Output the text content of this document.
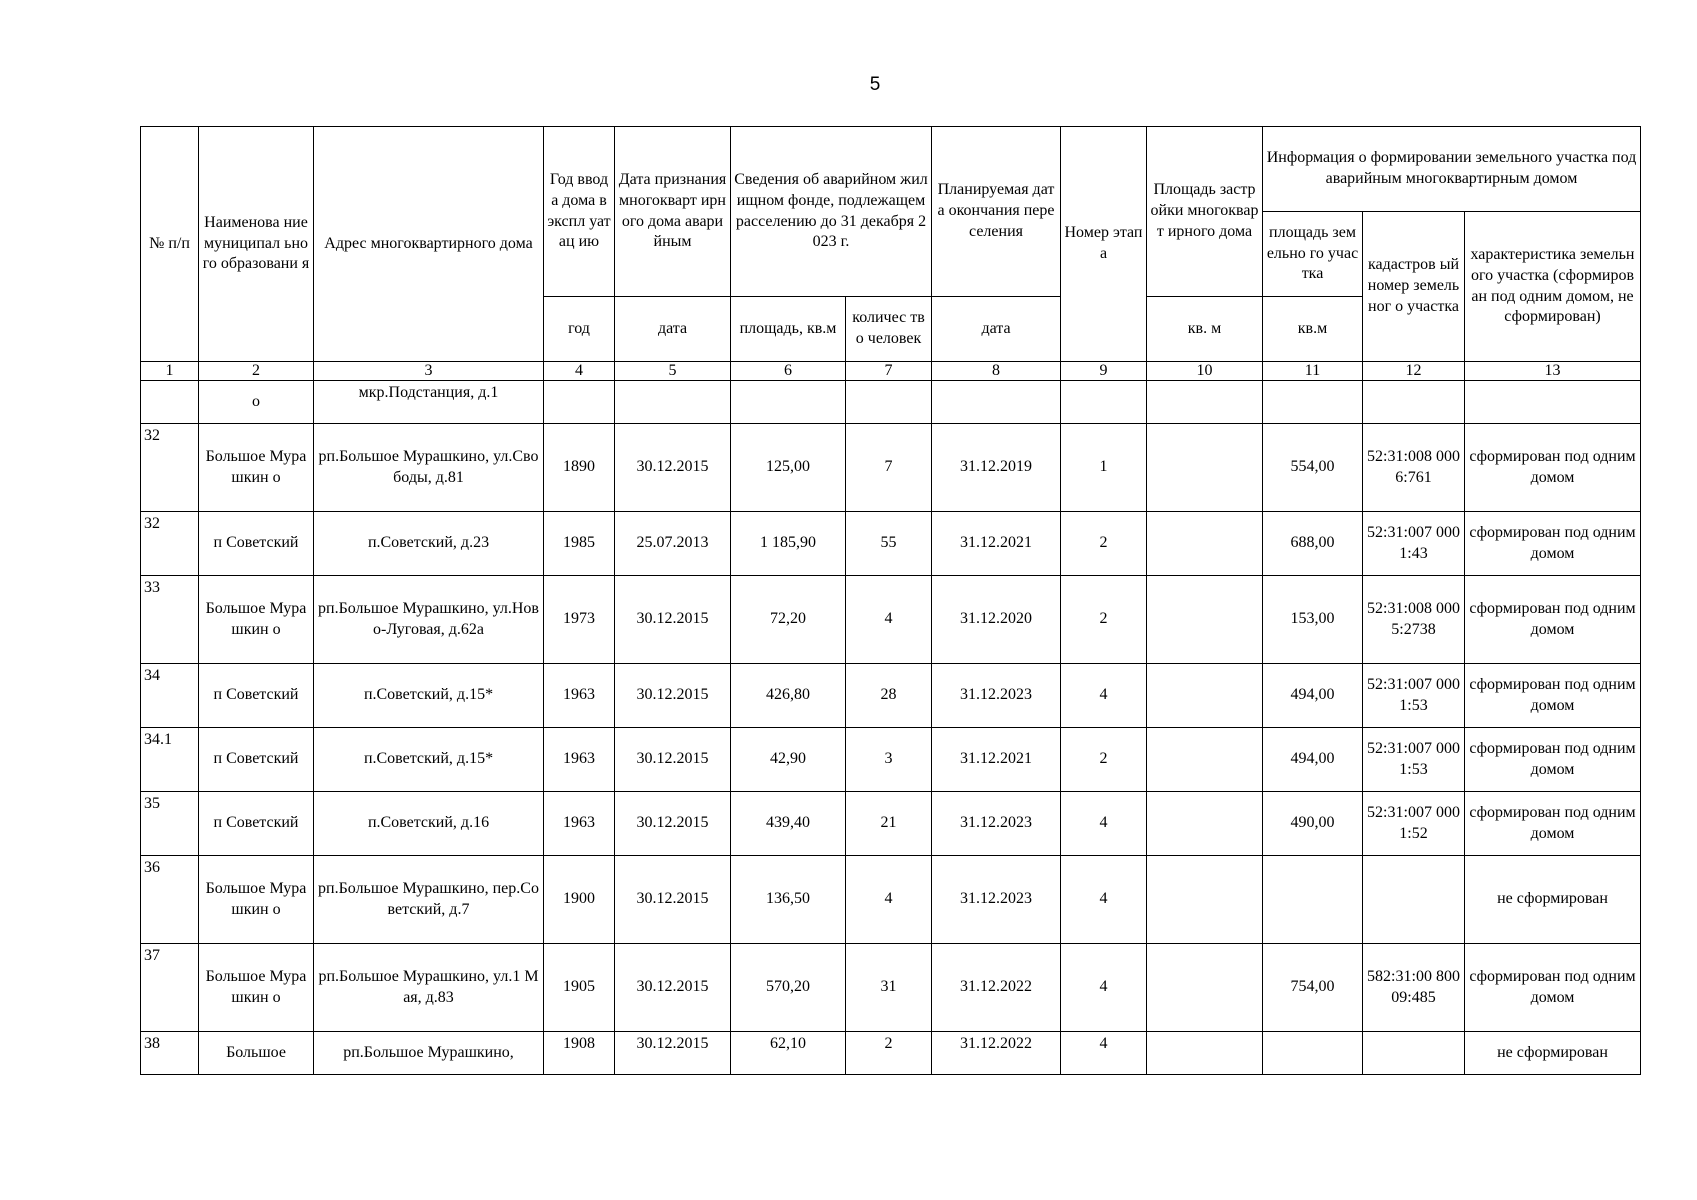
5
№ п/п	Наименова ние муниципал ьного образовани я	Адрес многоквартирного дома	Год ввода дома в экспл уатац ию	Дата признания многокварт ирного дома аварийным	Сведения об аварийном жилищном фонде, подлежащем расселению до 31 декабря 2023 г.		Планируемая дата окончания переселения	Номер этапа	Площадь застройки многокварт ирного дома	Информация о формировании земельного участка под аварийным многоквартирным домом		
										площадь земельно го участка	кадастров ый номер земельног о участка	характеристика земельного участка (сформирован под одним домом, не сформирован)
			год	дата	площадь, кв.м	количес тво человек	дата		кв. м	кв.м		
1	2	3	4	5	6	7	8	9	10	11	12	13
	о	мкр.Подстанция, д.1										
32	Большое Мурашкин о	рп.Большое Мурашкино, ул.Свободы, д.81	1890	30.12.2015	125,00	7	31.12.2019	1		554,00	52:31:008 0006:761	сформирован под одним домом
32	п Советский	п.Советский, д.23	1985	25.07.2013	1 185,90	55	31.12.2021	2		688,00	52:31:007 0001:43	сформирован под одним домом
33	Большое Мурашкин о	рп.Большое Мурашкино, ул.Ново-Луговая, д.62а	1973	30.12.2015	72,20	4	31.12.2020	2		153,00	52:31:008 0005:2738	сформирован под одним домом
34	п Советский	п.Советский, д.15*	1963	30.12.2015	426,80	28	31.12.2023	4		494,00	52:31:007 0001:53	сформирован под одним домом
34.1	п Советский	п.Советский, д.15*	1963	30.12.2015	42,90	3	31.12.2021	2		494,00	52:31:007 0001:53	сформирован под одним домом
35	п Советский	п.Советский, д.16	1963	30.12.2015	439,40	21	31.12.2023	4		490,00	52:31:007 0001:52	сформирован под одним домом
36	Большое Мурашкин о	рп.Большое Мурашкино, пер.Советский, д.7	1900	30.12.2015	136,50	4	31.12.2023	4				не сформирован
37	Большое Мурашкин о	рп.Большое Мурашкино, ул.1 Мая, д.83	1905	30.12.2015	570,20	31	31.12.2022	4		754,00	582:31:00 80009:485	сформирован под одним домом
38	Большое	рп.Большое Мурашкино,	1908	30.12.2015	62,10	2	31.12.2022	4				не сформирован
